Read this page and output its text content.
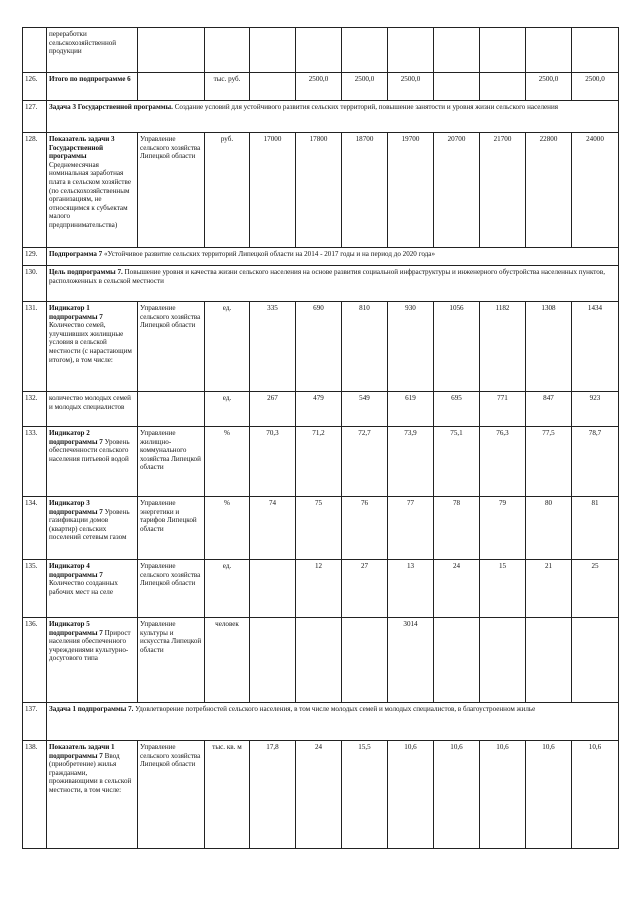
	переработки сельскохозяйственной продукции										
126.	Итого по подпрограмме 6		тыс. руб.		2500,0	2500,0	2500,0			2500,0	2500,0
127.	Задача 3 Государственной программы. Создание условий для устойчивого развития сельских территорий, повышение занятости и уровня жизни сельского населения										
128.	Показатель задачи 3 Государственной программы Среднемесячная номинальная заработная плата в сельском хозяйстве (по сельскохозяйственным организациям, не относящимся к субъектам малого предпринимательства)	Управление сельского хозяйства Липецкой области	руб.	17000	17800	18700	19700	20700	21700	22800	24000
129.	Подпрограмма 7 «Устойчивое развитие сельских территорий Липецкой области на 2014 - 2017 годы и на период до 2020 года»										
130.	Цель подпрограммы 7. Повышение уровня и качества жизни сельского населения на основе развития социальной инфраструктуры и инженерного обустройства населенных пунктов, расположенных в сельской местности										
131.	Индикатор 1 подпрограммы 7 Количество семей, улучшивших жилищные условия в сельской местности (с нарастающим итогом), в том числе:	Управление сельского хозяйства Липецкой области	ед.	335	690	810	930	1056	1182	1308	1434
132.	количество молодых семей и молодых специалистов		ед.	267	479	549	619	695	771	847	923
133.	Индикатор 2 подпрограммы 7 Уровень обеспеченности сельского населения питьевой водой	Управление жилищно-коммунального хозяйства Липецкой области	%	70,3	71,2	72,7	73,9	75,1	76,3	77,5	78,7
134.	Индикатор 3 подпрограммы 7 Уровень газификации домов (квартир) сельских поселений сетевым газом	Управление энергетики и тарифов Липецкой области	%	74	75	76	77	78	79	80	81
135.	Индикатор 4 подпрограммы 7 Количество созданных рабочих мест на селе	Управление сельского хозяйства Липецкой области	ед.		12	27	13	24	15	21	25
136.	Индикатор 5 подпрограммы 7 Прирост населения обеспеченного учреждениями культурно-досугового типа	Управление культуры и искусства Липецкой области	человек				3014				
137.	Задача 1 подпрограммы 7. Удовлетворение потребностей сельского населения, в том числе молодых семей и молодых специалистов, в благоустроенном жилье										
138.	Показатель задачи 1 подпрограммы 7 Ввод (приобретение) жилья гражданами, проживающими в сельской местности, в том числе:	Управление сельского хозяйства Липецкой области	тыс. кв. м	17,8	24	15,5	10,6	10,6	10,6	10,6	10,6
